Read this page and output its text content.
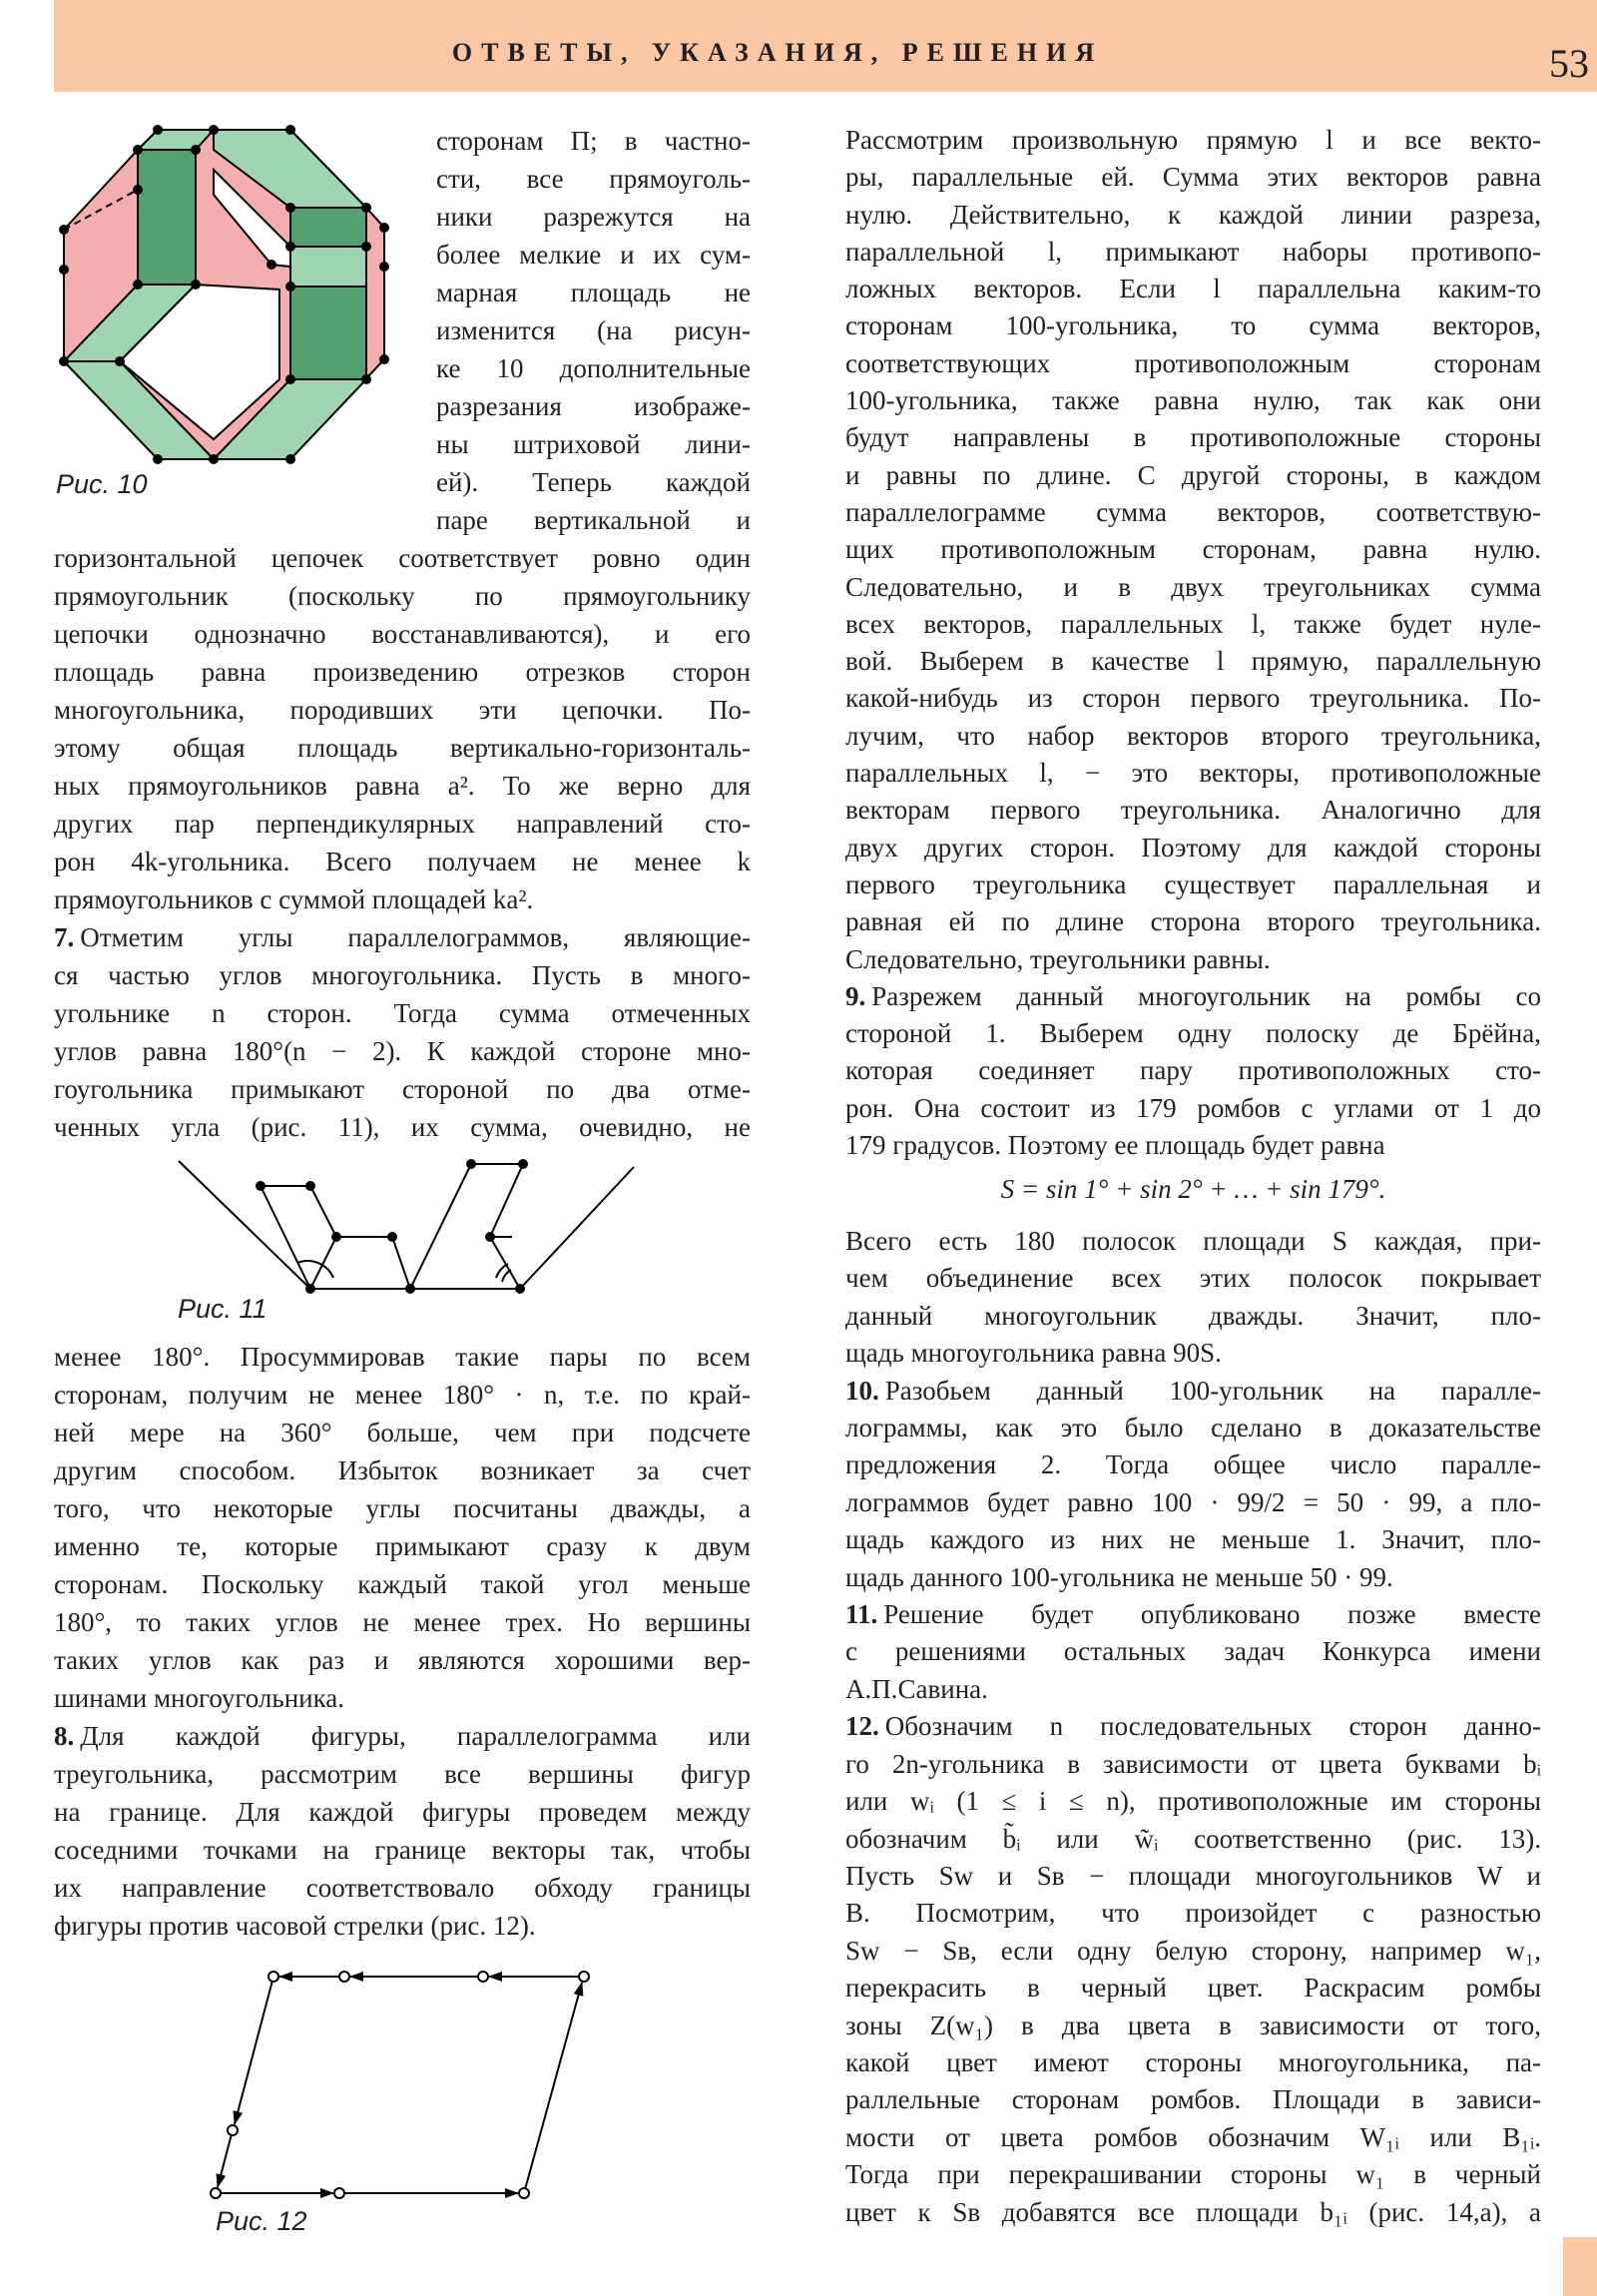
ОТВЕТЫ, УКАЗАНИЯ, РЕШЕНИЯ	53
Рис. 10
Рис. 11
Рис. 12
сторонам П; в частно-
сти, все прямоуголь-
ники разрежутся на
более мелкие и их сум-
марная площадь не
изменится (на рисун-
ке 10 дополнительные
разрезания изображе-
ны штриховой лини-
ей). Теперь каждой
паре вертикальной и
горизонтальной цепочек соответствует ровно один
прямоугольник (поскольку по прямоугольнику
цепочки однозначно восстанавливаются), и его
площадь равна произведению отрезков сторон
многоугольника, породивших эти цепочки. По-
этому общая площадь вертикально-горизонталь-
ных прямоугольников равна a². То же верно для
других пар перпендикулярных направлений сто-
рон 4k-угольника. Всего получаем не менее k
прямоугольников с суммой площадей ka².
7. Отметим углы параллелограммов, являющие-
ся частью углов многоугольника. Пусть в много-
угольнике n сторон. Тогда сумма отмеченных
углов равна 180°(n − 2). К каждой стороне мно-
гоугольника примыкают стороной по два отме-
ченных угла (рис. 11), их сумма, очевидно, не
менее 180°. Просуммировав такие пары по всем
сторонам, получим не менее 180° · n, т.е. по край-
ней мере на 360° больше, чем при подсчете
другим способом. Избыток возникает за счет
того, что некоторые углы посчитаны дважды, а
именно те, которые примыкают сразу к двум
сторонам. Поскольку каждый такой угол меньше
180°, то таких углов не менее трех. Но вершины
таких углов как раз и являются хорошими вер-
шинами многоугольника.
8. Для каждой фигуры, параллелограмма или
треугольника, рассмотрим все вершины фигур
на границе. Для каждой фигуры проведем между
соседними точками на границе векторы так, чтобы
их направление соответствовало обходу границы
фигуры против часовой стрелки (рис. 12).
Рассмотрим произвольную прямую l и все векто-
ры, параллельные ей. Сумма этих векторов равна
нулю. Действительно, к каждой линии разреза,
параллельной l, примыкают наборы противопо-
ложных векторов. Если l параллельна каким-то
сторонам 100-угольника, то сумма векторов,
соответствующих противоположным сторонам
100-угольника, также равна нулю, так как они
будут направлены в противоположные стороны
и равны по длине. С другой стороны, в каждом
параллелограмме сумма векторов, соответствую-
щих противоположным сторонам, равна нулю.
Следовательно, и в двух треугольниках сумма
всех векторов, параллельных l, также будет нуле-
вой. Выберем в качестве l прямую, параллельную
какой-нибудь из сторон первого треугольника. По-
лучим, что набор векторов второго треугольника,
параллельных l, − это векторы, противоположные
векторам первого треугольника. Аналогично для
двух других сторон. Поэтому для каждой стороны
первого треугольника существует параллельная и
равная ей по длине сторона второго треугольника.
Следовательно, треугольники равны.
9. Разрежем данный многоугольник на ромбы со
стороной 1. Выберем одну полоску де Брёйна,
которая соединяет пару противоположных сто-
рон. Она состоит из 179 ромбов с углами от 1 до
179 градусов. Поэтому ее площадь будет равна
S = sin 1° + sin 2° + … + sin 179°.
Всего есть 180 полосок площади S каждая, при-
чем объединение всех этих полосок покрывает
данный многоугольник дважды. Значит, пло-
щадь многоугольника равна 90S.
10. Разобьем данный 100-угольник на паралле-
лограммы, как это было сделано в доказательстве
предложения 2. Тогда общее число паралле-
лограммов будет равно 100 · 99/2 = 50 · 99, а пло-
щадь каждого из них не меньше 1. Значит, пло-
щадь данного 100-угольника не меньше 50 · 99.
11. Решение будет опубликовано позже вместе
с решениями остальных задач Конкурса имени
А.П.Савина.
12. Обозначим n последовательных сторон данно-
го 2n-угольника в зависимости от цвета буквами bᵢ
или wᵢ (1 ≤ i ≤ n), противоположные им стороны
обозначим b̃ᵢ или w̃ᵢ соответственно (рис. 13).
Пусть Sᴡ и Sʙ − площади многоугольников W и
B. Посмотрим, что произойдет с разностью
Sᴡ − Sʙ, если одну белую сторону, например w₁,
перекрасить в черный цвет. Раскрасим ромбы
зоны Z(w₁) в два цвета в зависимости от того,
какой цвет имеют стороны многоугольника, па-
раллельные сторонам ромбов. Площади в зависи-
мости от цвета ромбов обозначим W₁ᵢ или B₁ᵢ.
Тогда при перекрашивании стороны w₁ в черный
цвет к Sʙ добавятся все площади b₁ᵢ (рис. 14,a), а
